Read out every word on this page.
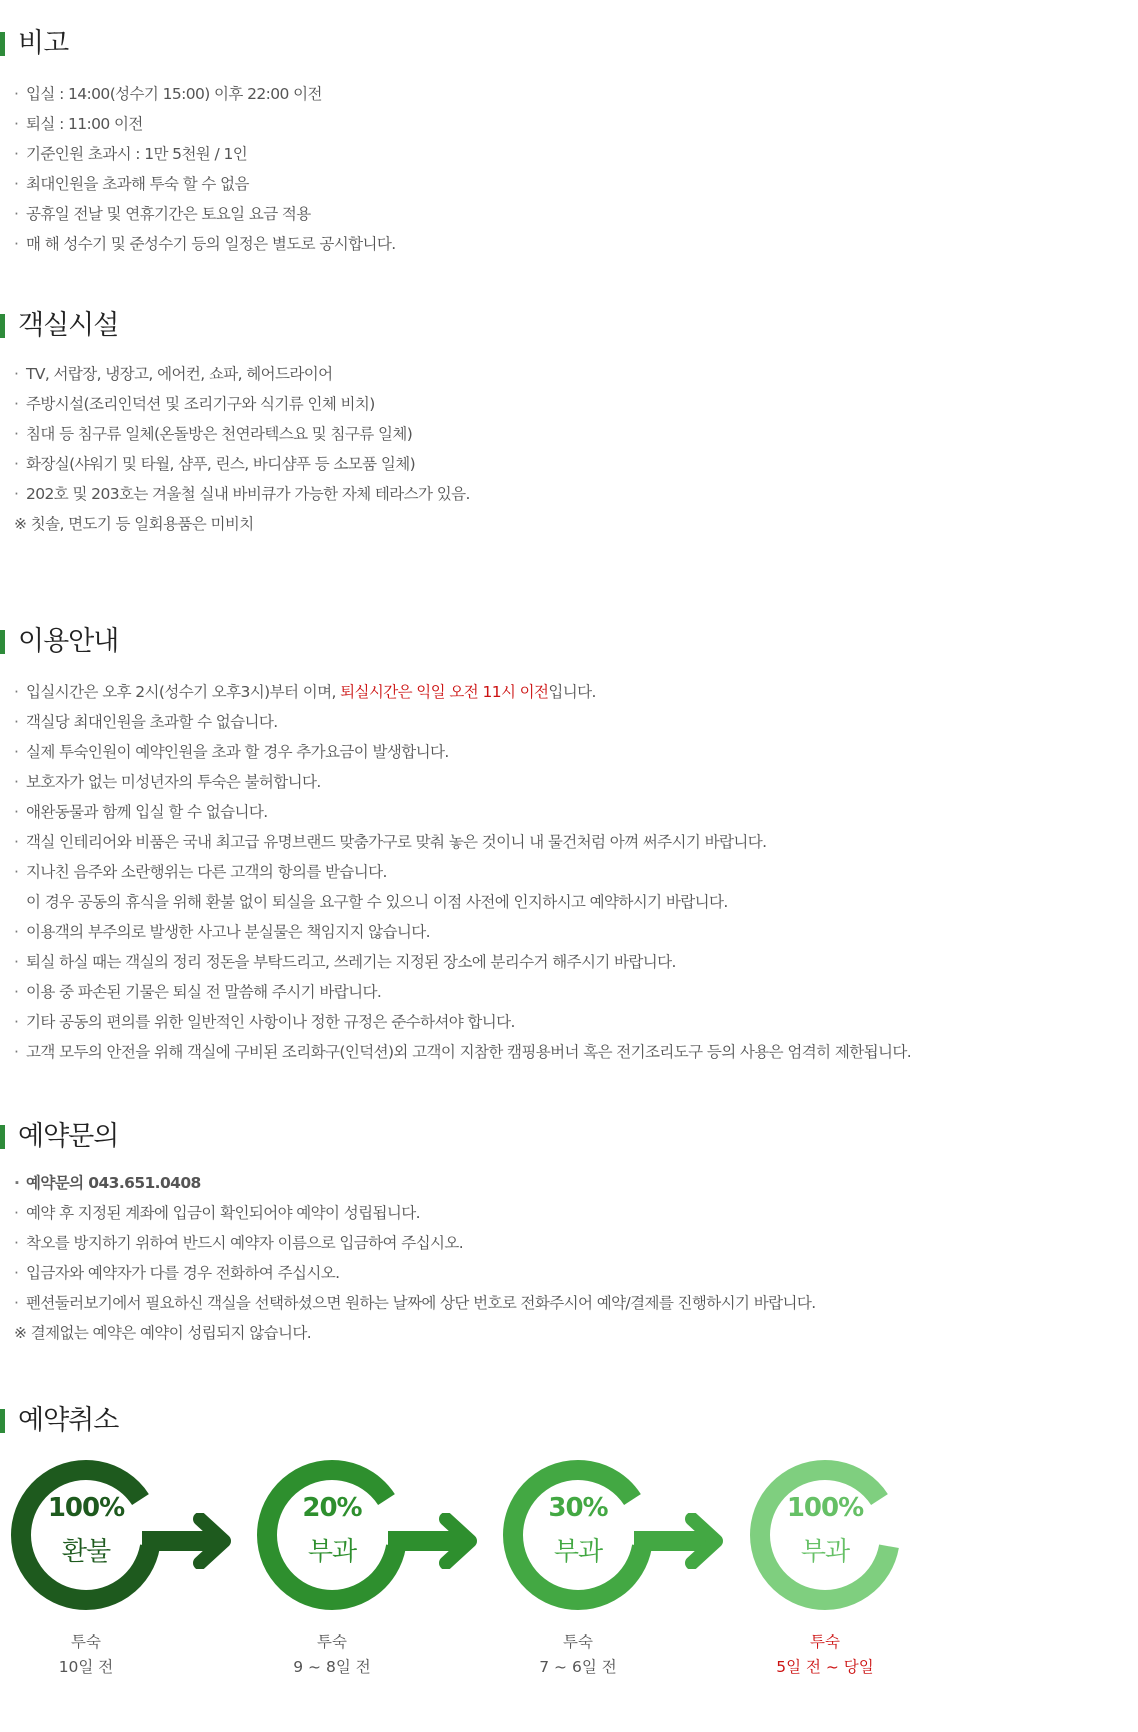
비고
· 입실 : 14:00(성수기 15:00) 이후 22:00 이전
· 퇴실 : 11:00 이전
· 기준인원 초과시 : 1만 5천원 / 1인
· 최대인원을 초과해 투숙 할 수 없음
· 공휴일 전날 및 연휴기간은 토요일 요금 적용
· 매 해 성수기 및 준성수기 등의 일정은 별도로 공시합니다.
객실시설
· TV, 서랍장, 냉장고, 에어컨, 쇼파, 헤어드라이어
· 주방시설(조리인덕션 및 조리기구와 식기류 인체 비치)
· 침대 등 침구류 일체(온돌방은 천연라텍스요 및 침구류 일체)
· 화장실(샤워기 및 타월, 샴푸, 린스, 바디샴푸 등 소모품 일체)
· 202호 및 203호는 겨울철 실내 바비큐가 가능한 자체 테라스가 있음.
※ 칫솔, 면도기 등 일회용품은 미비치
이용안내
· 입실시간은 오후 2시(성수기 오후3시)부터 이며, 퇴실시간은 익일 오전 11시 이전입니다.
· 객실당 최대인원을 초과할 수 없습니다.
· 실제 투숙인원이 예약인원을 초과 할 경우 추가요금이 발생합니다.
· 보호자가 없는 미성년자의 투숙은 불허합니다.
· 애완동물과 함께 입실 할 수 없습니다.
· 객실 인테리어와 비품은 국내 최고급 유명브랜드 맞춤가구로 맞춰 놓은 것이니 내 물건처럼 아껴 써주시기 바랍니다.
· 지나친 음주와 소란행위는 다른 고객의 항의를 받습니다.
이 경우 공동의 휴식을 위해 환불 없이 퇴실을 요구할 수 있으니 이점 사전에 인지하시고 예약하시기 바랍니다.
· 이용객의 부주의로 발생한 사고나 분실물은 책임지지 않습니다.
· 퇴실 하실 때는 객실의 정리 정돈을 부탁드리고, 쓰레기는 지정된 장소에 분리수거 해주시기 바랍니다.
· 이용 중 파손된 기물은 퇴실 전 말씀해 주시기 바랍니다.
· 기타 공동의 편의를 위한 일반적인 사항이나 정한 규정은 준수하셔야 합니다.
· 고객 모두의 안전을 위해 객실에 구비된 조리화구(인덕션)외 고객이 지참한 캠핑용버너 혹은 전기조리도구 등의 사용은 엄격히 제한됩니다.
예약문의
· 예약문의 043.651.0408
· 예약 후 지정된 계좌에 입금이 확인되어야 예약이 성립됩니다.
· 착오를 방지하기 위하여 반드시 예약자 이름으로 입금하여 주십시오.
· 입금자와 예약자가 다를 경우 전화하여 주십시오.
· 펜션둘러보기에서 필요하신 객실을 선택하셨으면 원하는 날짜에 상단 번호로 전화주시어 예약/결제를 진행하시기 바랍니다.
※ 결제없는 예약은 예약이 성립되지 않습니다.
예약취소
100%
환불
투숙
10일 전
20%
부과
투숙
9 ~ 8일 전
30%
부과
투숙
7 ~ 6일 전
100%
부과
투숙
5일 전 ~ 당일
